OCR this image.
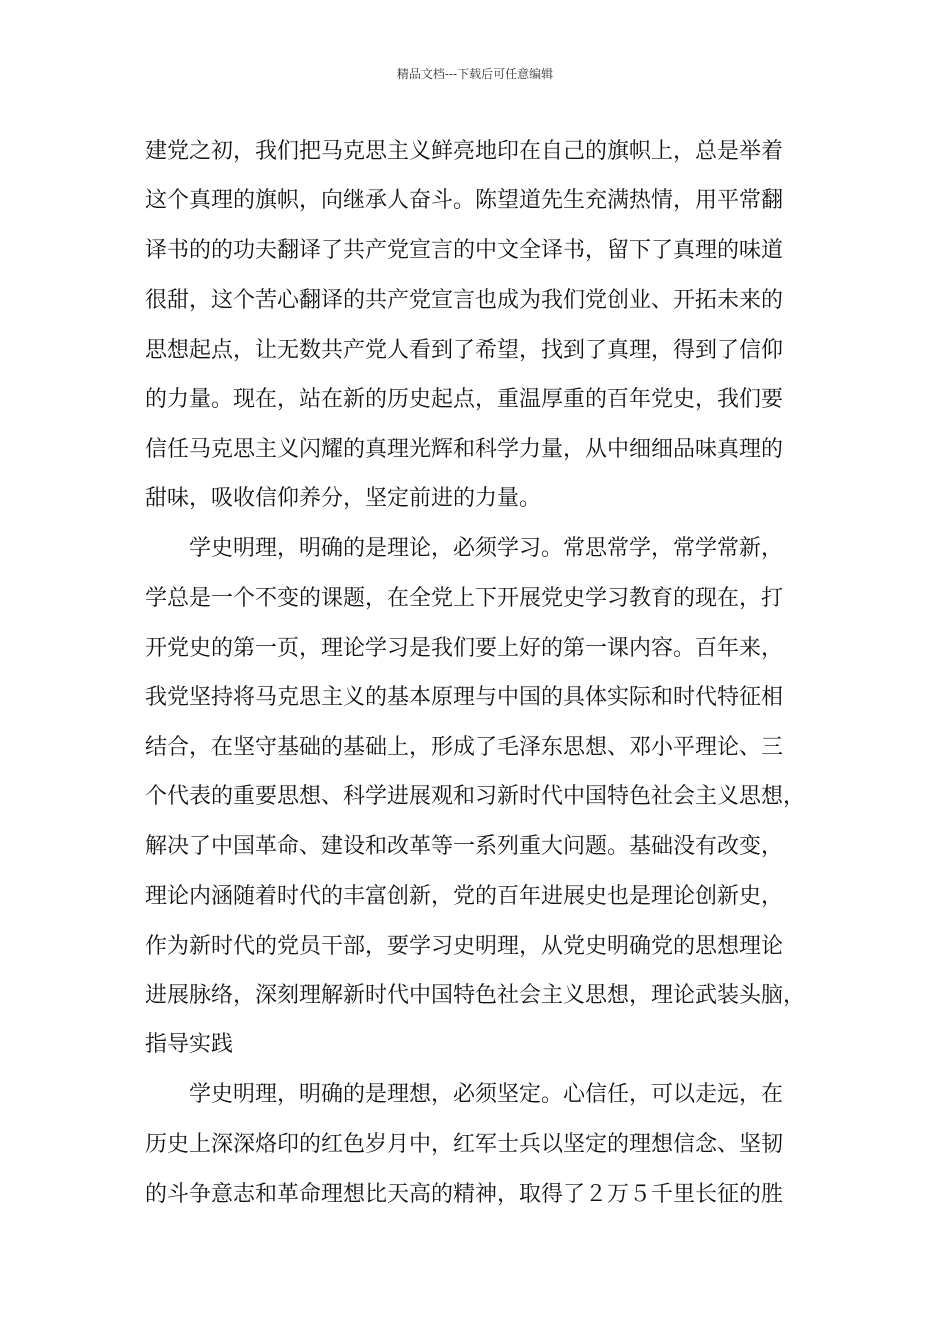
精品文档---下载后可任意编辑
建党之初，我们把马克思主义鲜亮地印在自己的旗帜上，总是举着
这个真理的旗帜，向继承人奋斗。陈望道先生充满热情，用平常翻
译书的的功夫翻译了共产党宣言的中文全译书，留下了真理的味道
很甜，这个苦心翻译的共产党宣言也成为我们党创业、开拓未来的
思想起点，让无数共产党人看到了希望，找到了真理，得到了信仰
的力量。现在，站在新的历史起点，重温厚重的百年党史，我们要
信任马克思主义闪耀的真理光辉和科学力量，从中细细品味真理的
甜味，吸收信仰养分，坚定前进的力量。
学史明理，明确的是理论，必须学习。常思常学，常学常新，
学总是一个不变的课题，在全党上下开展党史学习教育的现在，打
开党史的第一页，理论学习是我们要上好的第一课内容。百年来，
我党坚持将马克思主义的基本原理与中国的具体实际和时代特征相
结合，在坚守基础的基础上，形成了毛泽东思想、邓小平理论、三
个代表的重要思想、科学进展观和习新时代中国特色社会主义思想，
解决了中国革命、建设和改革等一系列重大问题。基础没有改变，
理论内涵随着时代的丰富创新，党的百年进展史也是理论创新史，
作为新时代的党员干部，要学习史明理，从党史明确党的思想理论
进展脉络，深刻理解新时代中国特色社会主义思想，理论武装头脑，
指导实践
学史明理，明确的是理想，必须坚定。心信任，可以走远，在
历史上深深烙印的红色岁月中，红军士兵以坚定的理想信念、坚韧
的斗争意志和革命理想比天高的精神，取得了２万５千里长征的胜
